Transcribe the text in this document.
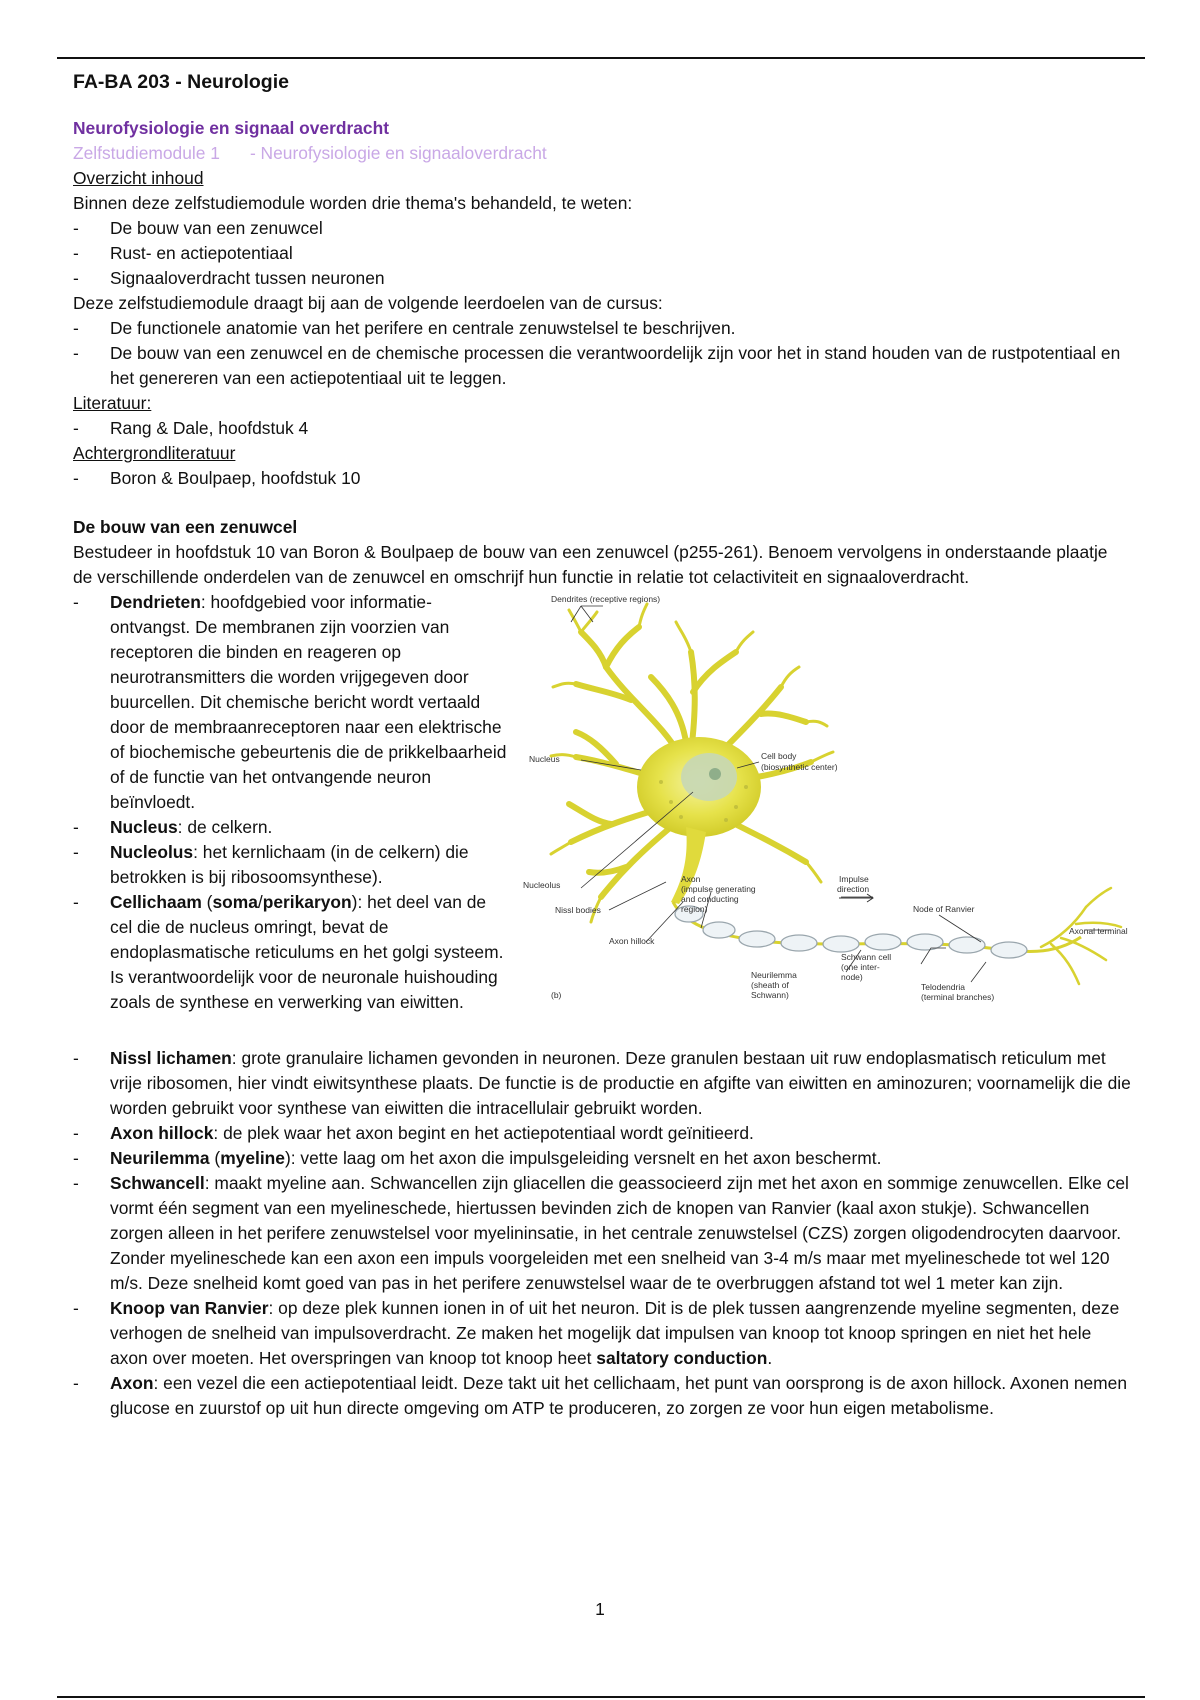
FA-BA 203 - Neurologie

Neurofysiologie en signaal overdracht

Zelfstudiemodule 1 - Neurofysiologie en signaaloverdracht

Overzicht inhoud

Binnen deze zelfstudiemodule worden drie thema's behandeld, te weten:

- De bouw van een zenuwcel
- Rust- en actiepotentiaal
- Signaaloverdracht tussen neuronen

Deze zelfstudiemodule draagt bij aan de volgende leerdoelen van de cursus:

- De functionele anatomie van het perifere en centrale zenuwstelsel te beschrijven.
- De bouw van een zenuwcel en de chemische processen die verantwoordelijk zijn voor het in stand houden van de rustpotentiaal en het genereren van een actiepotentiaal uit te leggen.

Literatuur:

- Rang & Dale, hoofdstuk 4

Achtergrondliteratuur

- Boron & Boulpaep, hoofdstuk 10

De bouw van een zenuwcel

Bestudeer in hoofdstuk 10 van Boron & Boulpaep de bouw van een zenuwcel (p255-261). Benoem vervolgens in onderstaande plaatje de verschillende onderdelen van de zenuwcel en omschrijf hun functie in relatie tot celactiviteit en signaaloverdracht.

Dendrites (receptive regions)
Cell body
(biosynthetic center)
Nucleus
Nucleolus
Nissl bodies
Axon hillock
Axon
(impulse generating
and conducting
region)
Impulse
direction
Node of Ranvier
Schwann cell
(one inter-
node)
Neurilemma
(sheath of
Schwann)
Telodendria
(terminal branches)
Axonal terminal
(b)
- Dendrieten: hoofdgebied voor informatie-ontvangst. De membranen zijn voorzien van receptoren die binden en reageren op neurotransmitters die worden vrijgegeven door buurcellen. Dit chemische bericht wordt vertaald door de membraanreceptoren naar een elektrische of biochemische gebeurtenis die de prikkelbaarheid of de functie van het ontvangende neuron beïnvloedt.
- Nucleus: de celkern.
- Nucleolus: het kernlichaam (in de celkern) die betrokken is bij ribosoomsynthese).
- Cellichaam (soma/perikaryon): het deel van de cel die de nucleus omringt, bevat de endoplasmatische reticulums en het golgi systeem. Is verantwoordelijk voor de neuronale huishouding zoals de synthese en verwerking van eiwitten.
- Nissl lichamen: grote granulaire lichamen gevonden in neuronen. Deze granulen bestaan uit ruw endoplasmatisch reticulum met vrije ribosomen, hier vindt eiwitsynthese plaats. De functie is de productie en afgifte van eiwitten en aminozuren; voornamelijk die die worden gebruikt voor synthese van eiwitten die intracellulair gebruikt worden.
- Axon hillock: de plek waar het axon begint en het actiepotentiaal wordt geïnitieerd.
- Neurilemma (myeline): vette laag om het axon die impulsgeleiding versnelt en het axon beschermt.
- Schwancell: maakt myeline aan. Schwancellen zijn gliacellen die geassocieerd zijn met het axon en sommige zenuwcellen. Elke cel vormt één segment van een myelineschede, hiertussen bevinden zich de knopen van Ranvier (kaal axon stukje). Schwancellen zorgen alleen in het perifere zenuwstelsel voor myelininsatie, in het centrale zenuwstelsel (CZS) zorgen oligodendrocyten daarvoor.
Zonder myelineschede kan een axon een impuls voorgeleiden met een snelheid van 3-4 m/s maar met myelineschede tot wel 120 m/s. Deze snelheid komt goed van pas in het perifere zenuwstelsel waar de te overbruggen afstand tot wel 1 meter kan zijn.
- Knoop van Ranvier: op deze plek kunnen ionen in of uit het neuron. Dit is de plek tussen aangrenzende myeline segmenten, deze verhogen de snelheid van impulsoverdracht. Ze maken het mogelijk dat impulsen van knoop tot knoop springen en niet het hele axon over moeten. Het overspringen van knoop tot knoop heet saltatory conduction.
- Axon: een vezel die een actiepotentiaal leidt. Deze takt uit het cellichaam, het punt van oorsprong is de axon hillock. Axonen nemen glucose en zuurstof op uit hun directe omgeving om ATP te produceren, zo zorgen ze voor hun eigen metabolisme.
1
